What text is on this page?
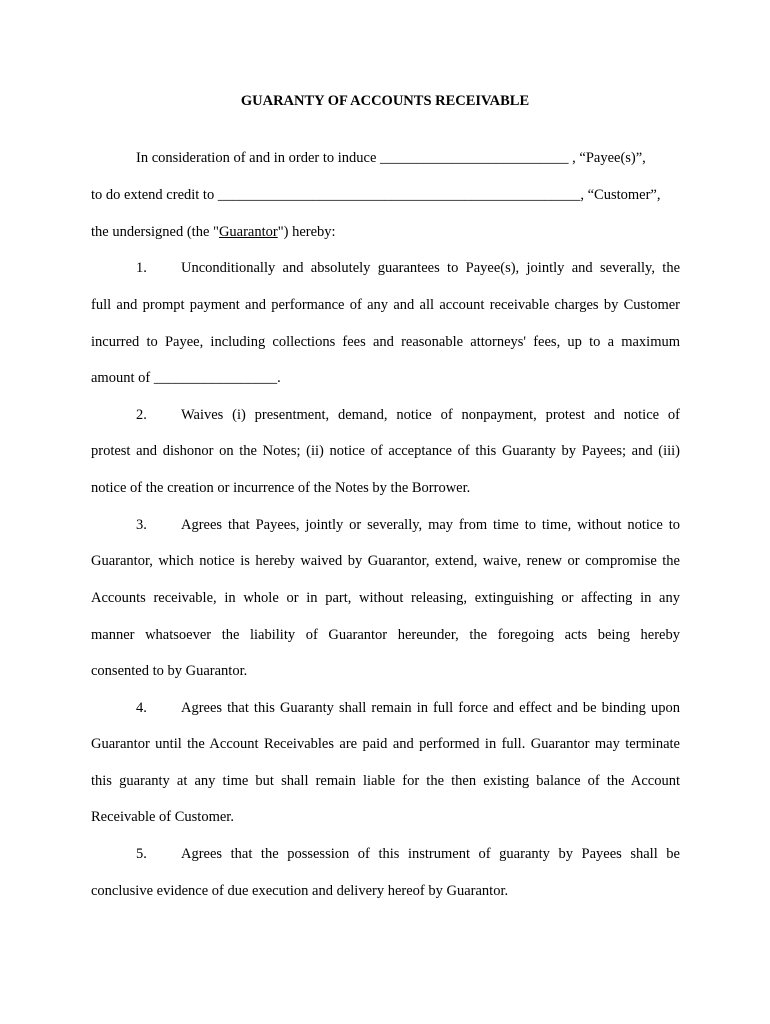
GUARANTY OF ACCOUNTS RECEIVABLE
In consideration of and in order to induce __________________________ , “Payee(s)”,
to do extend credit to __________________________________________________, “Customer”,
the undersigned (the "Guarantor") hereby:
1. Unconditionally and absolutely guarantees to Payee(s), jointly and severally, the
full and prompt payment and performance of any and all account receivable charges by Customer
incurred to Payee, including collections fees and reasonable attorneys' fees, up to a maximum
amount of _________________.
2. Waives (i) presentment, demand, notice of nonpayment, protest and notice of
protest and dishonor on the Notes; (ii) notice of acceptance of this Guaranty by Payees; and (iii)
notice of the creation or incurrence of the Notes by the Borrower.
3. Agrees that Payees, jointly or severally, may from time to time, without notice to
Guarantor, which notice is hereby waived by Guarantor, extend, waive, renew or compromise the
Accounts receivable, in whole or in part, without releasing, extinguishing or affecting in any
manner whatsoever the liability of Guarantor hereunder, the foregoing acts being hereby
consented to by Guarantor.
4. Agrees that this Guaranty shall remain in full force and effect and be binding upon
Guarantor until the Account Receivables are paid and performed in full. Guarantor may terminate
this guaranty at any time but shall remain liable for the then existing balance of the Account
Receivable of Customer.
5. Agrees that the possession of this instrument of guaranty by Payees shall be
conclusive evidence of due execution and delivery hereof by Guarantor.
